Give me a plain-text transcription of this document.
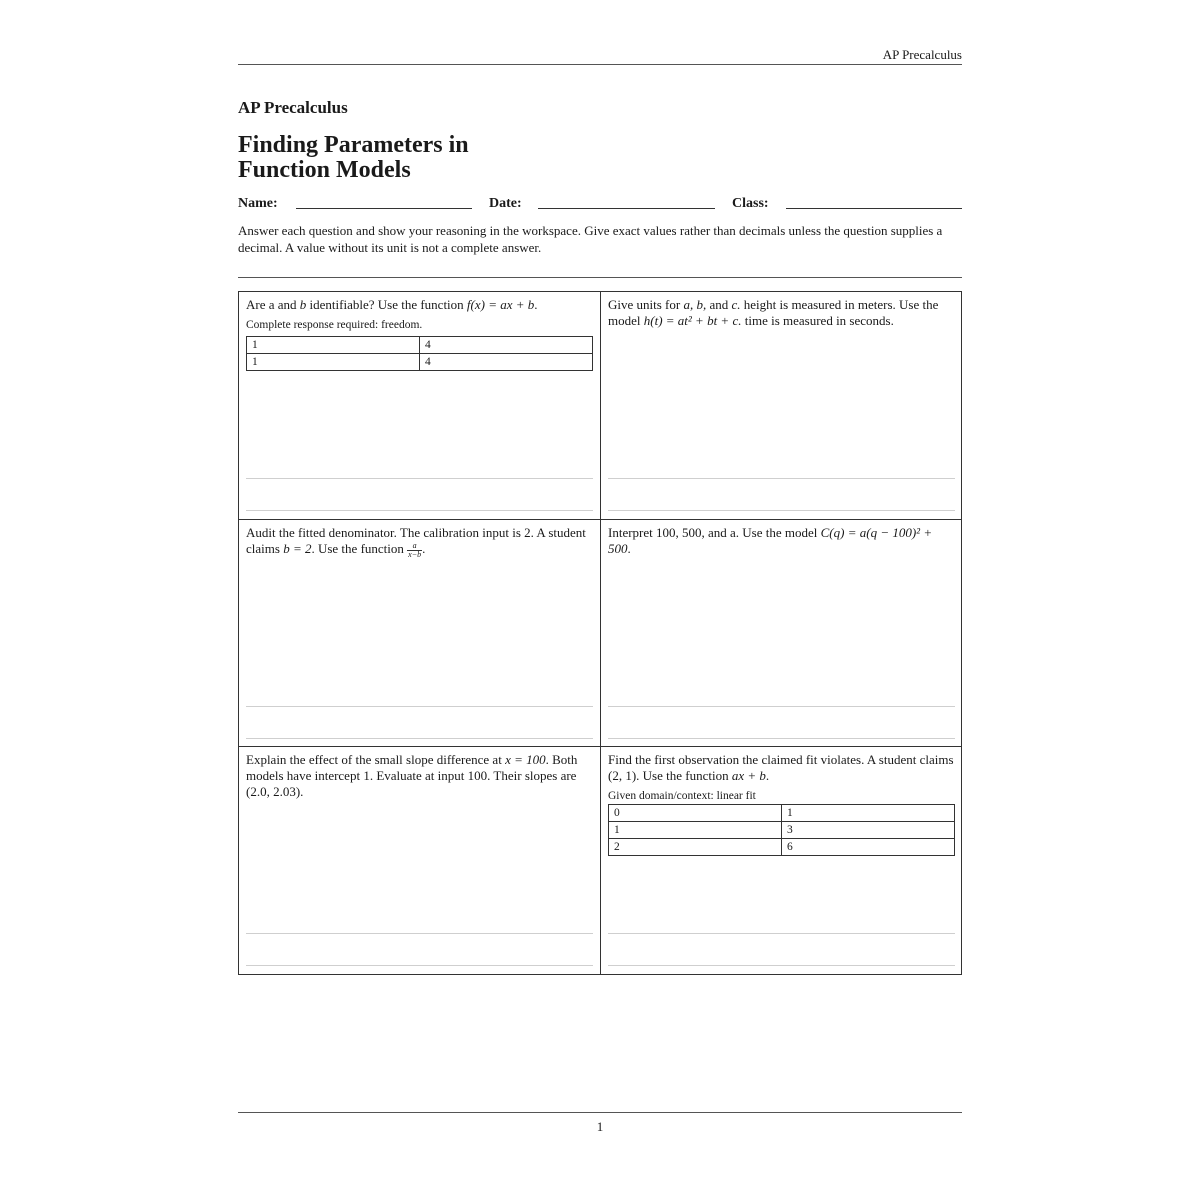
AP Precalculus
AP Precalculus
Finding Parameters in Function Models
Name:	Date:	Class:
Answer each question and show your reasoning in the workspace. Give exact values rather than decimals unless the question supplies a decimal. A value without its unit is not a complete answer.
Are a and b identifiable? Use the function f(x) = ax + b.
Complete response required: freedom.
1	4
1	4
Give units for a, b, and c. height is measured in meters. Use the model h(t) = at² + bt + c. time is measured in seconds.
Audit the fitted denominator. The calibration input is 2. A student claims b = 2. Use the function $\frac{a}{x-b}$ .
Interpret 100, 500, and a. Use the model C(q) = a(q − 100)² + 500.
Explain the effect of the small slope difference at x = 100. Both models have intercept 1. Evaluate at input 100. Their slopes are (2.0, 2.03).
Find the first observation the claimed fit violates. A student claims (2, 1). Use the function ax + b.
Given domain/context: linear fit
0	1
1	3
2	6
1
